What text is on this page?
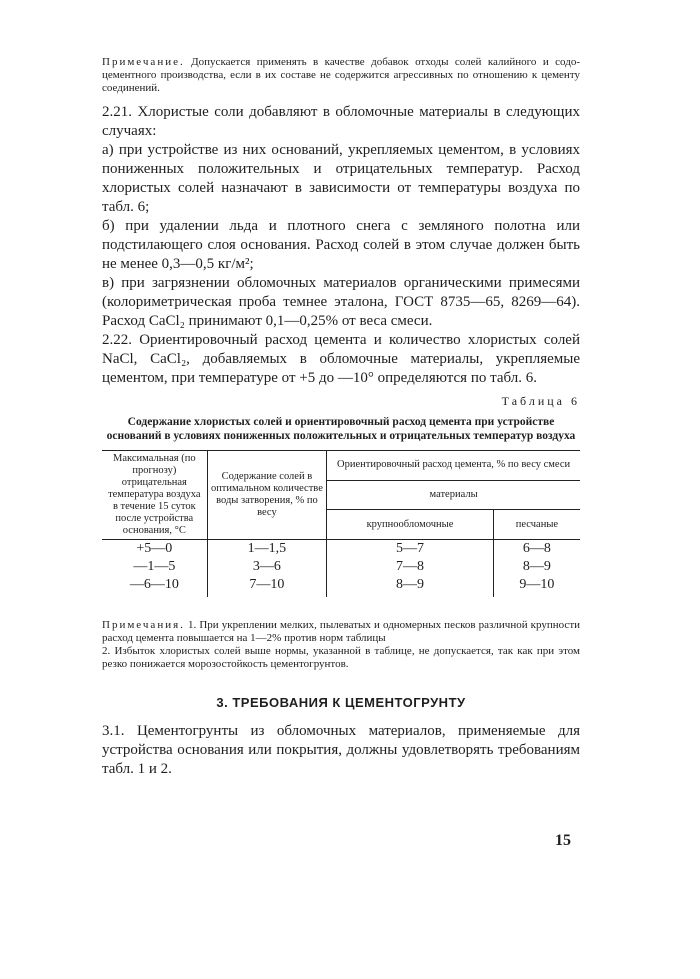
Примечание. Допускается применять в качестве добавок отходы солей калийного и содо-цементного производства, если в их составе не содержится агрессивных по отношению к цементу соединений.

2.21. Хлористые соли добавляют в обломочные материалы в следующих случаях:

а) при устройстве из них оснований, укрепляемых цементом, в условиях пониженных положительных и отрицательных температур. Расход хлористых солей назначают в зависимости от температуры воздуха по табл. 6;

б) при удалении льда и плотного снега с земляного полотна или подстилающего слоя основания. Расход солей в этом случае должен быть не менее 0,3—0,5 кг/м²;

в) при загрязнении обломочных материалов органическими примесями (колориметрическая проба темнее эталона, ГОСТ 8735—65, 8269—64). Расход CaCl₂ принимают 0,1—0,25% от веса смеси.

2.22. Ориентировочный расход цемента и количество хлористых солей NaCl, CaCl₂, добавляемых в обломочные материалы, укрепляемые цементом, при температуре от +5 до —10° определяются по табл. 6.

Таблица 6
Содержание хлористых солей и ориентировочный расход цемента при устройстве оснований в условиях пониженных положительных и отрицательных температур воздуха
Максимальная (по прогнозу) отрицательная температура воздуха в течение 15 суток после устройства основания, °С	Содержание солей в оптимальном количестве воды затворения, % по весу	Ориентировочный расход цемента, % по весу смеси	
		материалы	
		крупнообломочные	песчаные
+5—0	1—1,5	5—7	6—8
—1—5	3—6	7—8	8—9
—6—10	7—10	8—9	9—10
Примечания. 1. При укреплении мелких, пылеватых и одномерных песков различной крупности расход цемента повышается на 1—2% против норм таблицы
2. Избыток хлористых солей выше нормы, указанной в таблице, не допускается, так как при этом резко понижается морозостойкость цементогрунтов.
3. ТРЕБОВАНИЯ К ЦЕМЕНТОГРУНТУ

3.1. Цементогрунты из обломочных материалов, применяемые для устройства основания или покрытия, должны удовлетворять требованиям табл. 1 и 2.

15
